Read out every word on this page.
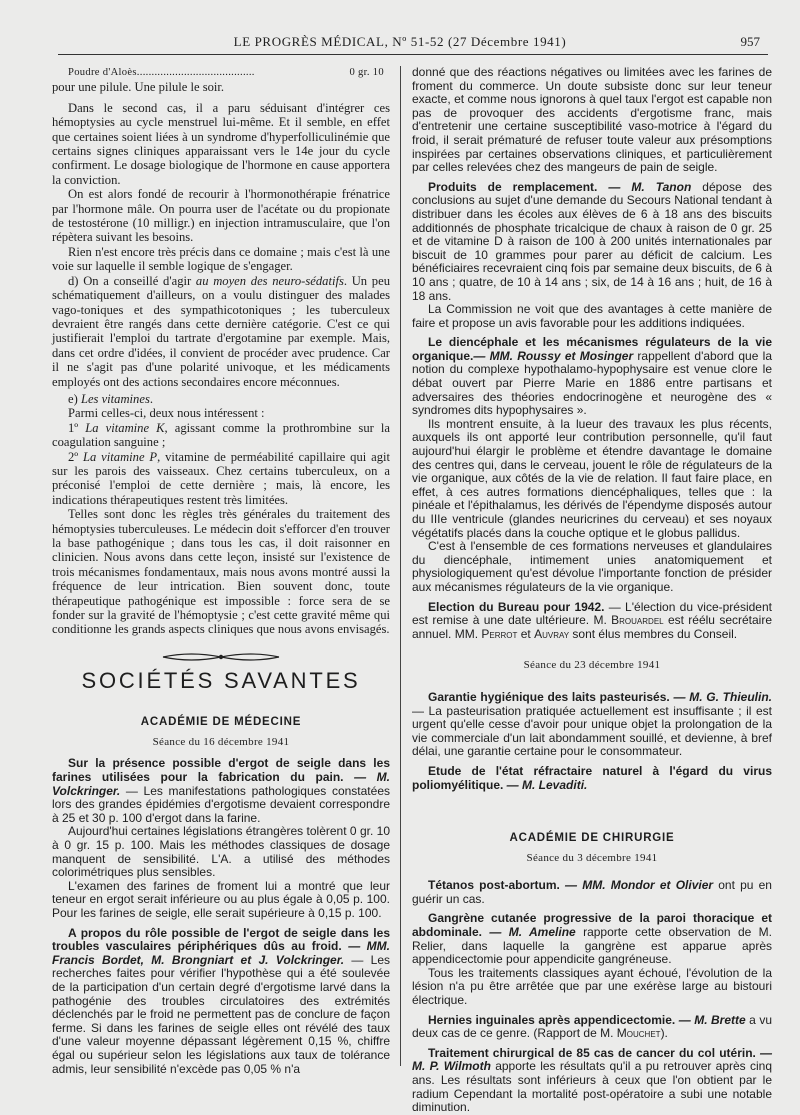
LE PROGRÈS MÉDICAL, Nº 51-52 (27 Décembre 1941)	957
Poudre d'Aloès........................................	0 gr. 10

pour une pilule. Une pilule le soir.

Dans le second cas, il a paru séduisant d'intégrer ces hémoptysies au cycle menstruel lui-même. Et il semble, en effet que certaines soient liées à un syndrome d'hyperfolliculinémie que certains signes cliniques apparaissant vers le 14e jour du cycle confirment. Le dosage biologique de l'hormone en cause apportera la conviction.

On est alors fondé de recourir à l'hormonothérapie frénatrice par l'hormone mâle. On pourra user de l'acétate ou du propionate de testostérone (10 milligr.) en injection intramusculaire, que l'on répètera suivant les besoins.

Rien n'est encore très précis dans ce domaine ; mais c'est là une voie sur laquelle il semble logique de s'engager.

d) On a conseillé d'agir au moyen des neuro-sédatifs. Un peu schématiquement d'ailleurs, on a voulu distinguer des malades vago-toniques et des sympathicotoniques ; les tuberculeux devraient être rangés dans cette dernière catégorie. C'est ce qui justifierait l'emploi du tartrate d'ergotamine par exemple. Mais, dans cet ordre d'idées, il convient de procéder avec prudence. Car il ne s'agit pas d'une polarité univoque, et les médicaments employés ont des actions secondaires encore méconnues.

e) Les vitamines.

Parmi celles-ci, deux nous intéressent :

1º La vitamine K, agissant comme la prothrombine sur la coagulation sanguine ;

2º La vitamine P, vitamine de perméabilité capillaire qui agit sur les parois des vaisseaux. Chez certains tuberculeux, on a préconisé l'emploi de cette dernière ; mais, là encore, les indications thérapeutiques restent très limitées.

Telles sont donc les règles très générales du traitement des hémoptysies tuberculeuses. Le médecin doit s'efforcer d'en trouver la base pathogénique ; dans tous les cas, il doit raisonner en clinicien. Nous avons dans cette leçon, insisté sur l'existence de trois mécanismes fondamentaux, mais nous avons montré aussi la fréquence de leur intrication. Bien souvent donc, toute thérapeutique pathogénique est impossible : force sera de se fonder sur la gravité de l'hémoptysie ; c'est cette gravité même qui conditionne les grands aspects cliniques que nous avons envisagés.

SOCIÉTÉS SAVANTES
ACADÉMIE DE MÉDECINE
Séance du 16 décembre 1941

Sur la présence possible d'ergot de seigle dans les farines utilisées pour la fabrication du pain. — M. Volckringer. — Les manifestations pathologiques constatées lors des grandes épidémies d'ergotisme devaient correspondre à 25 et 30 p. 100 d'ergot dans la farine.

Aujourd'hui certaines législations étrangères tolèrent 0 gr. 10 à 0 gr. 15 p. 100. Mais les méthodes classiques de dosage manquent de sensibilité. L'A. a utilisé des méthodes colorimétriques plus sensibles.

L'examen des farines de froment lui a montré que leur teneur en ergot serait inférieure ou au plus égale à 0,05 p. 100. Pour les farines de seigle, elle serait supérieure à 0,15 p. 100.

A propos du rôle possible de l'ergot de seigle dans les troubles vasculaires périphériques dûs au froid. — MM. Francis Bordet, M. Brongniart et J. Volckringer. — Les recherches faites pour vérifier l'hypothèse qui a été soulevée de la participation d'un certain degré d'ergotisme larvé dans la pathogénie des troubles circulatoires des extrémités déclenchés par le froid ne permettent pas de conclure de façon ferme. Si dans les farines de seigle elles ont révélé des taux d'une valeur moyenne dépassant légèrement 0,15 %, chiffre égal ou supérieur selon les législations aux taux de tolérance admis, leur sensibilité n'excède pas 0,05 % n'a

donné que des réactions négatives ou limitées avec les farines de froment du commerce. Un doute subsiste donc sur leur teneur exacte, et comme nous ignorons à quel taux l'ergot est capable non pas de provoquer des accidents d'ergotisme franc, mais d'entretenir une certaine susceptibilité vaso-motrice à l'égard du froid, il serait prématuré de refuser toute valeur aux présomptions inspirées par certaines observations cliniques, et particulièrement par celles relevées chez des mangeurs de pain de seigle.

Produits de remplacement. — M. Tanon dépose des conclusions au sujet d'une demande du Secours National tendant à distribuer dans les écoles aux élèves de 6 à 18 ans des biscuits additionnés de phosphate tricalcique de chaux à raison de 0 gr. 25 et de vitamine D à raison de 100 à 200 unités internationales par biscuit de 10 grammes pour parer au déficit de calcium. Les bénéficiaires recevraient cinq fois par semaine deux biscuits, de 6 à 10 ans ; quatre, de 10 à 14 ans ; six, de 14 à 16 ans ; huit, de 16 à 18 ans.

La Commission ne voit que des avantages à cette manière de faire et propose un avis favorable pour les additions indiquées.

Le diencéphale et les mécanismes régulateurs de la vie organique.— MM. Roussy et Mosinger rappellent d'abord que la notion du complexe hypothalamo-hypophysaire est venue clore le débat ouvert par Pierre Marie en 1886 entre partisans et adversaires des théories endocrinogène et neurogène des « syndromes dits hypophysaires ».

Ils montrent ensuite, à la lueur des travaux les plus récents, auxquels ils ont apporté leur contribution personnelle, qu'il faut aujourd'hui élargir le problème et étendre davantage le domaine des centres qui, dans le cerveau, jouent le rôle de régulateurs de la vie organique, aux côtés de la vie de relation. Il faut faire place, en effet, à ces autres formations diencéphaliques, telles que : la pinéale et l'épithalamus, les dérivés de l'épendyme disposés autour du IIIe ventricule (glandes neuricrines du cerveau) et ses noyaux végétatifs placés dans la couche optique et le globus pallidus.

C'est à l'ensemble de ces formations nerveuses et glandulaires du diencéphale, intimement unies anatomiquement et physiologiquement qu'est dévolue l'importante fonction de présider aux mécanismes régulateurs de la vie organique.

Election du Bureau pour 1942. — L'élection du vice-président est remise à une date ultérieure. M. Brouardel est réélu secrétaire annuel. MM. Perrot et Auvray sont élus membres du Conseil.

Séance du 23 décembre 1941

Garantie hygiénique des laits pasteurisés. — M. G. Thieulin. — La pasteurisation pratiquée actuellement est insuffisante ; il est urgent qu'elle cesse d'avoir pour unique objet la prolongation de la vie commerciale d'un lait abondamment souillé, et devienne, à bref délai, une garantie certaine pour le consommateur.

Etude de l'état réfractaire naturel à l'égard du virus poliomyélitique. — M. Levaditi.

ACADÉMIE DE CHIRURGIE
Séance du 3 décembre 1941

Tétanos post-abortum. — MM. Mondor et Olivier ont pu en guérir un cas.

Gangrène cutanée progressive de la paroi thoracique et abdominale. — M. Ameline rapporte cette observation de M. Relier, dans laquelle la gangrène est apparue après appendicectomie pour appendicite gangréneuse.

Tous les traitements classiques ayant échoué, l'évolution de la lésion n'a pu être arrêtée que par une exérèse large au bistouri électrique.

Hernies inguinales après appendicectomie. — M. Brette a vu deux cas de ce genre. (Rapport de M. Mouchet).

Traitement chirurgical de 85 cas de cancer du col utérin. — M. P. Wilmoth apporte les résultats qu'il a pu retrouver après cinq ans. Les résultats sont inférieurs à ceux que l'on obtient par le radium Cependant la mortalité post-opératoire a subi une notable diminution.
